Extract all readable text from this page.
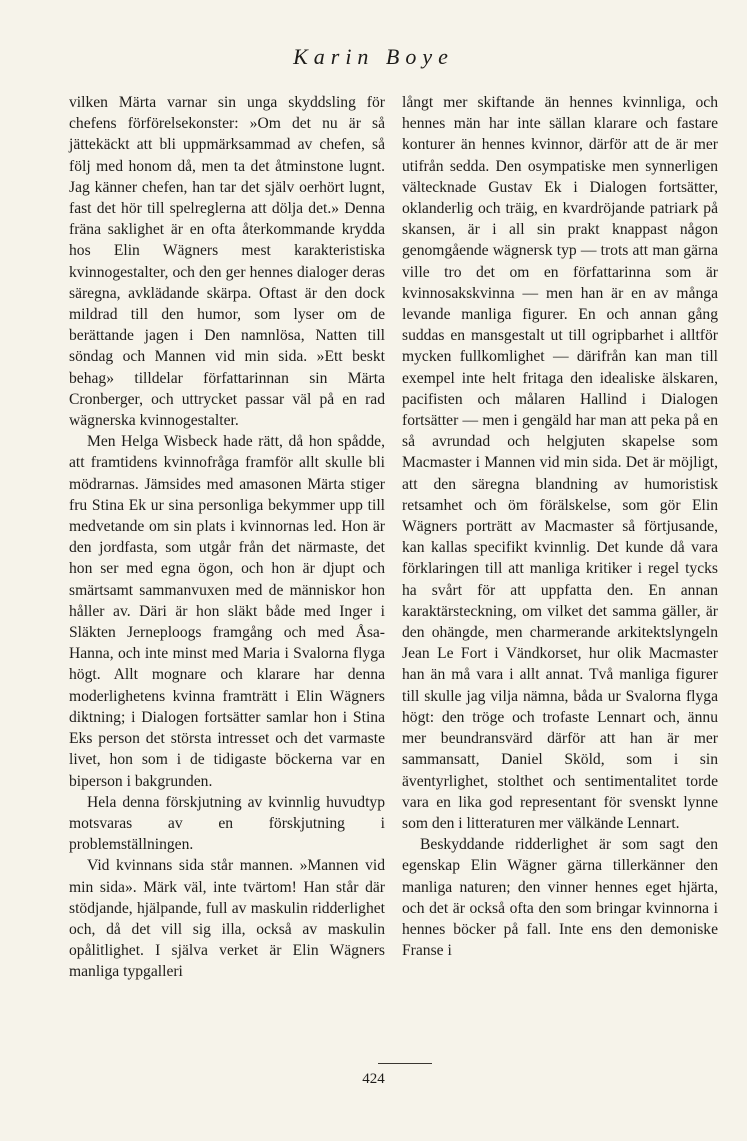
Karin Boye

vilken Märta varnar sin unga skyddsling för chefens förförelsekonster: »Om det nu är så jättekäckt att bli uppmärksammad av chefen, så följ med honom då, men ta det åtminstone lugnt. Jag känner chefen, han tar det själv oerhört lugnt, fast det hör till spelreglerna att dölja det.» Denna fräna saklighet är en ofta återkommande krydda hos Elin Wägners mest karakteristiska kvinnogestalter, och den ger hennes dialoger deras säregna, avklädande skärpa. Oftast är den dock mildrad till den humor, som lyser om de berättande jagen i Den namnlösa, Natten till söndag och Mannen vid min sida. »Ett beskt behag» tilldelar författarinnan sin Märta Cronberger, och uttrycket passar väl på en rad wägnerska kvinnogestalter.

Men Helga Wisbeck hade rätt, då hon spådde, att framtidens kvinnofråga framför allt skulle bli mödrarnas. Jämsides med amasonen Märta stiger fru Stina Ek ur sina personliga bekymmer upp till medvetande om sin plats i kvinnornas led. Hon är den jordfasta, som utgår från det närmaste, det hon ser med egna ögon, och hon är djupt och smärtsamt sammanvuxen med de människor hon håller av. Däri är hon släkt både med Inger i Släkten Jerneploogs framgång och med Åsa-Hanna, och inte minst med Maria i Svalorna flyga högt. Allt mognare och klarare har denna moderlighetens kvinna framträtt i Elin Wägners diktning; i Dialogen fortsätter samlar hon i Stina Eks person det största intresset och det varmaste livet, hon som i de tidigaste böckerna var en biperson i bakgrunden.

Hela denna förskjutning av kvinnlig huvudtyp motsvaras av en förskjutning i problemställningen.

Vid kvinnans sida står mannen. »Mannen vid min sida». Märk väl, inte tvärtom! Han står där stödjande, hjälpande, full av maskulin ridderlighet och, då det vill sig illa, också av maskulin opålitlighet. I själva verket är Elin Wägners manliga typgalleri

långt mer skiftande än hennes kvinnliga, och hennes män har inte sällan klarare och fastare konturer än hennes kvinnor, därför att de är mer utifrån sedda. Den osympatiske men synnerligen vältecknade Gustav Ek i Dialogen fortsätter, oklanderlig och träig, en kvardröjande patriark på skansen, är i all sin prakt knappast någon genomgående wägnersk typ — trots att man gärna ville tro det om en författarinna som är kvinnosakskvinna — men han är en av många levande manliga figurer. En och annan gång suddas en mansgestalt ut till ogripbarhet i alltför mycken fullkomlighet — därifrån kan man till exempel inte helt fritaga den idealiske älskaren, pacifisten och målaren Hallind i Dialogen fortsätter — men i gengäld har man att peka på en så avrundad och helgjuten skapelse som Macmaster i Mannen vid min sida. Det är möjligt, att den säregna blandning av humoristisk retsamhet och öm förälskelse, som gör Elin Wägners porträtt av Macmaster så förtjusande, kan kallas specifikt kvinnlig. Det kunde då vara förklaringen till att manliga kritiker i regel tycks ha svårt för att uppfatta den. En annan karaktärsteckning, om vilket det samma gäller, är den ohängde, men charmerande arkitektslyngeln Jean Le Fort i Vändkorset, hur olik Macmaster han än må vara i allt annat. Två manliga figurer till skulle jag vilja nämna, båda ur Svalorna flyga högt: den tröge och trofaste Lennart och, ännu mer beundransvärd därför att han är mer sammansatt, Daniel Sköld, som i sin äventyrlighet, stolthet och sentimentalitet torde vara en lika god representant för svenskt lynne som den i litteraturen mer välkände Lennart.

Beskyddande ridderlighet är som sagt den egenskap Elin Wägner gärna tillerkänner den manliga naturen; den vinner hennes eget hjärta, och det är också ofta den som bringar kvinnorna i hennes böcker på fall. Inte ens den demoniske Franse i

424
